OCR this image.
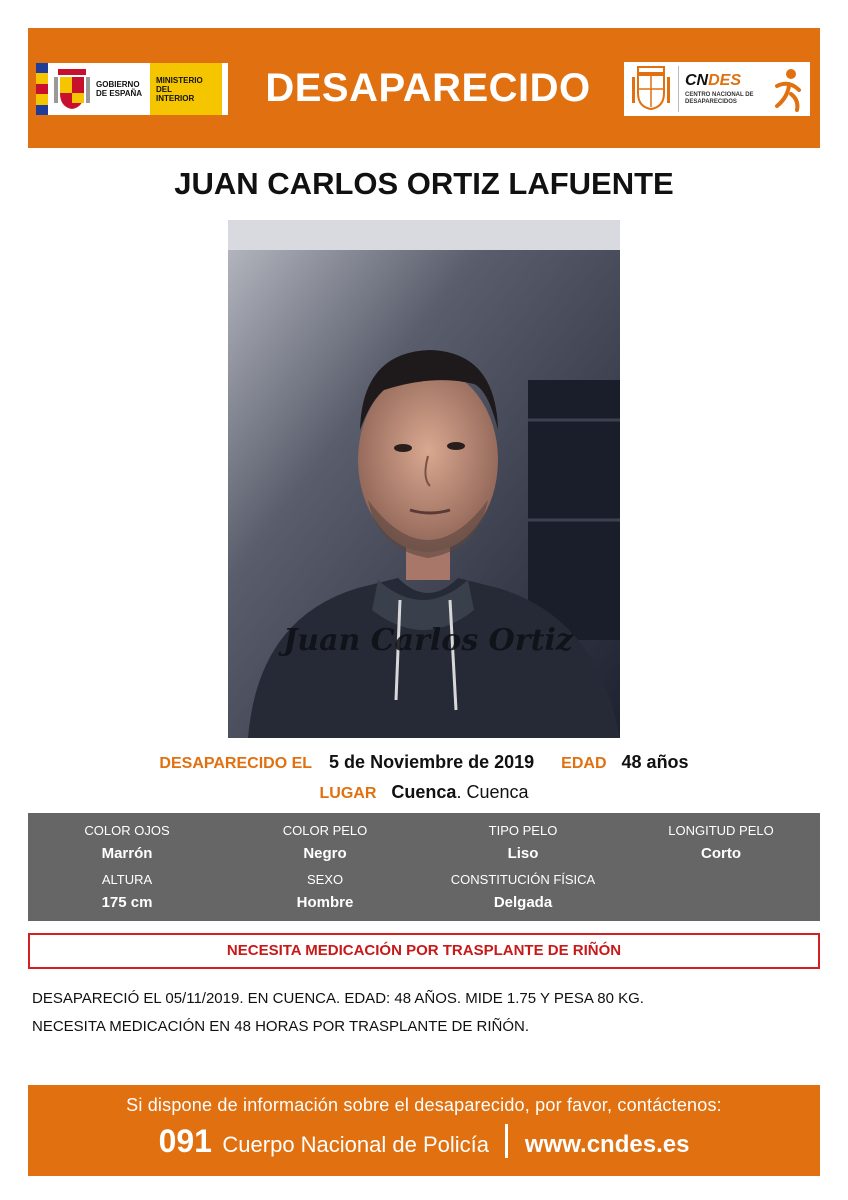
GOBIERNO DE ESPAÑA
MINISTERIO DEL INTERIOR	DESAPARECIDO	CNDES
CENTRO NACIONAL DE DESAPARECIDOS
JUAN CARLOS ORTIZ LAFUENTE
Juan Carlos Ortiz
DESAPARECIDO EL 5 de Noviembre de 2019 EDAD 48 años
LUGAR Cuenca. Cuenca
COLOR OJOS
Marrón
COLOR PELO
Negro
TIPO PELO
Liso
LONGITUD PELO
Corto
ALTURA
175 cm
SEXO
Hombre
CONSTITUCIÓN FÍSICA
Delgada
NECESITA MEDICACIÓN POR TRASPLANTE DE RIÑÓN
DESAPARECIÓ EL 05/11/2019. EN CUENCA. EDAD: 48 AÑOS. MIDE 1.75 Y PESA 80 KG.
NECESITA MEDICACIÓN EN 48 HORAS POR TRASPLANTE DE RIÑÓN.
Si dispone de información sobre el desaparecido, por favor, contáctenos:
091 Cuerpo Nacional de Policía www.cndes.es
